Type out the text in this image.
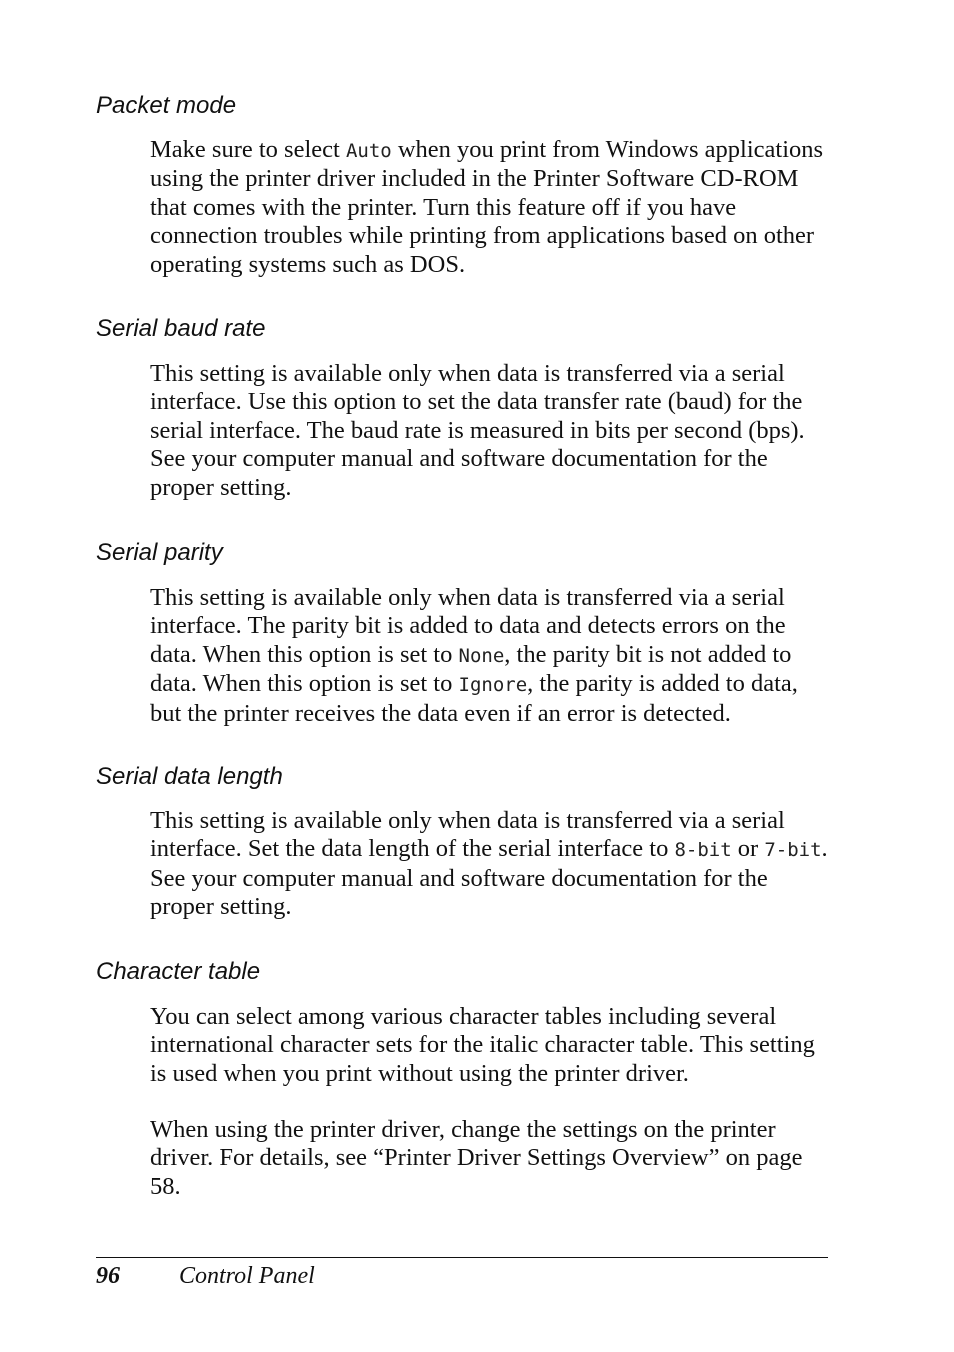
Packet mode

Make sure to select Auto when you print from Windows applications using the printer driver included in the Printer Software CD-ROM that comes with the printer. Turn this feature off if you have connection troubles while printing from applications based on other operating systems such as DOS.

Serial baud rate

This setting is available only when data is transferred via a serial interface. Use this option to set the data transfer rate (baud) for the serial interface. The baud rate is measured in bits per second (bps). See your computer manual and software documentation for the proper setting.

Serial parity

This setting is available only when data is transferred via a serial interface. The parity bit is added to data and detects errors on the data. When this option is set to None, the parity bit is not added to data. When this option is set to Ignore, the parity is added to data, but the printer receives the data even if an error is detected.

Serial data length

This setting is available only when data is transferred via a serial interface. Set the data length of the serial interface to 8-bit or 7-bit. See your computer manual and software documentation for the proper setting.

Character table

You can select among various character tables including several international character sets for the italic character table. This setting is used when you print without using the printer driver.

When using the printer driver, change the settings on the printer driver. For details, see “Printer Driver Settings Overview” on page 58.

96 Control Panel
